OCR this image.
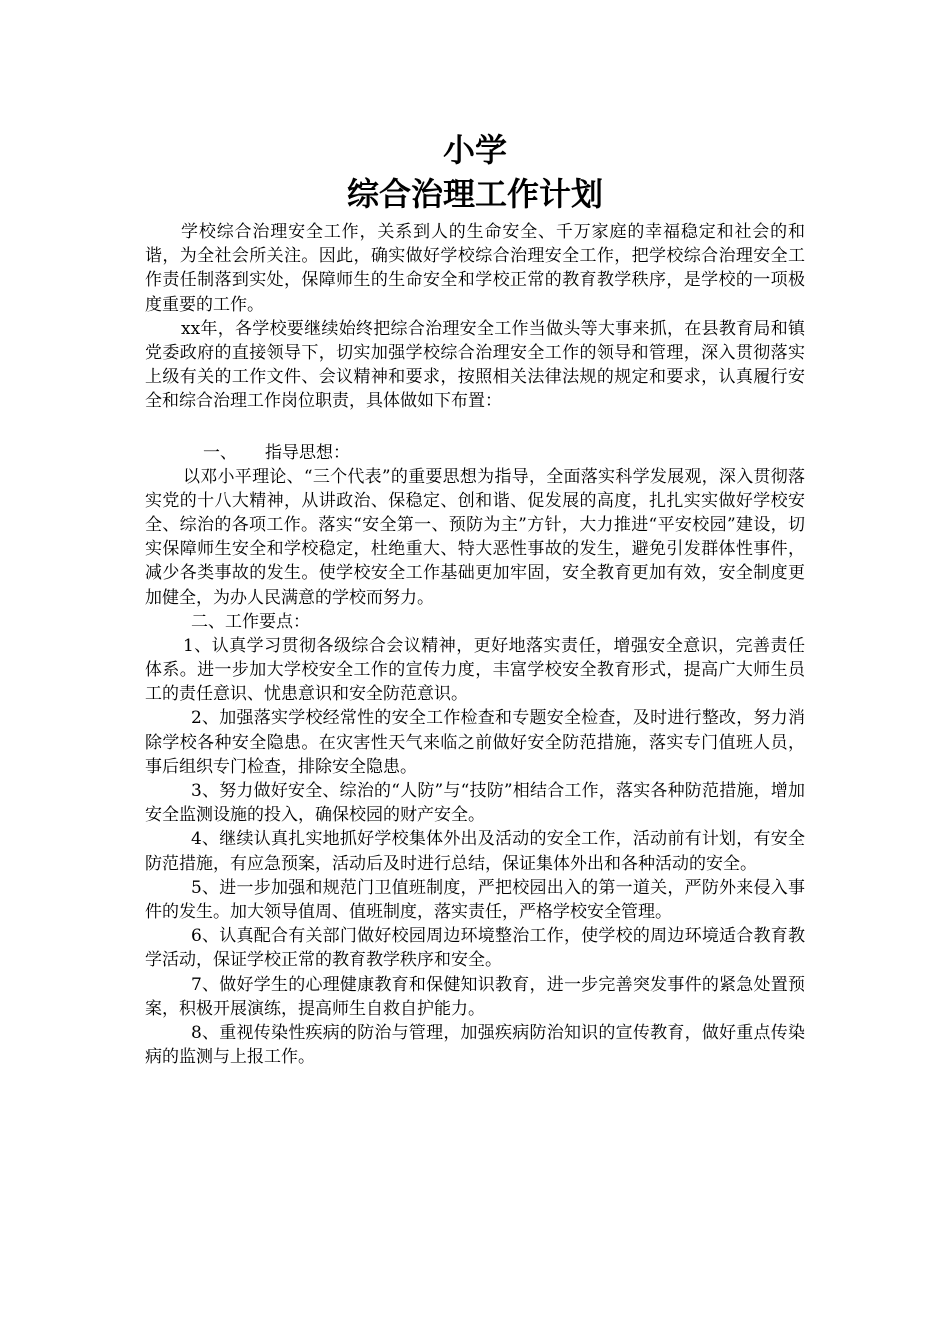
小学
综合治理工作计划

学校综合治理安全工作，关系到人的生命安全、千万家庭的幸福稳定和社会的和谐，为全社会所关注。因此，确实做好学校综合治理安全工作，把学校综合治理安全工作责任制落到实处，保障师生的生命安全和学校正常的教育教学秩序，是学校的一项极度重要的工作。

xx年，各学校要继续始终把综合治理安全工作当做头等大事来抓，在县教育局和镇党委政府的直接领导下，切实加强学校综合治理安全工作的领导和管理，深入贯彻落实上级有关的工作文件、会议精神和要求，按照相关法律法规的规定和要求，认真履行安全和综合治理工作岗位职责，具体做如下布置：

一、 指导思想：

以邓小平理论、“三个代表”的重要思想为指导，全面落实科学发展观，深入贯彻落实党的十八大精神，从讲政治、保稳定、创和谐、促发展的高度，扎扎实实做好学校安全、综治的各项工作。落实“安全第一、预防为主”方针，大力推进“平安校园”建设，切实保障师生安全和学校稳定，杜绝重大、特大恶性事故的发生，避免引发群体性事件，减少各类事故的发生。使学校安全工作基础更加牢固，安全教育更加有效，安全制度更加健全，为办人民满意的学校而努力。

二、工作要点：

1、认真学习贯彻各级综合会议精神，更好地落实责任，增强安全意识，完善责任体系。进一步加大学校安全工作的宣传力度，丰富学校安全教育形式，提高广大师生员工的责任意识、忧患意识和安全防范意识。

2、加强落实学校经常性的安全工作检查和专题安全检查，及时进行整改，努力消除学校各种安全隐患。在灾害性天气来临之前做好安全防范措施，落实专门值班人员，事后组织专门检查，排除安全隐患。

3、努力做好安全、综治的“人防”与“技防”相结合工作，落实各种防范措施，增加安全监测设施的投入，确保校园的财产安全。

4、继续认真扎实地抓好学校集体外出及活动的安全工作，活动前有计划，有安全防范措施，有应急预案，活动后及时进行总结，保证集体外出和各种活动的安全。

5、进一步加强和规范门卫值班制度，严把校园出入的第一道关，严防外来侵入事件的发生。加大领导值周、值班制度，落实责任，严格学校安全管理。

6、认真配合有关部门做好校园周边环境整治工作，使学校的周边环境适合教育教学活动，保证学校正常的教育教学秩序和安全。

7、做好学生的心理健康教育和保健知识教育，进一步完善突发事件的紧急处置预案，积极开展演练，提高师生自救自护能力。

8、重视传染性疾病的防治与管理，加强疾病防治知识的宣传教育，做好重点传染病的监测与上报工作。
